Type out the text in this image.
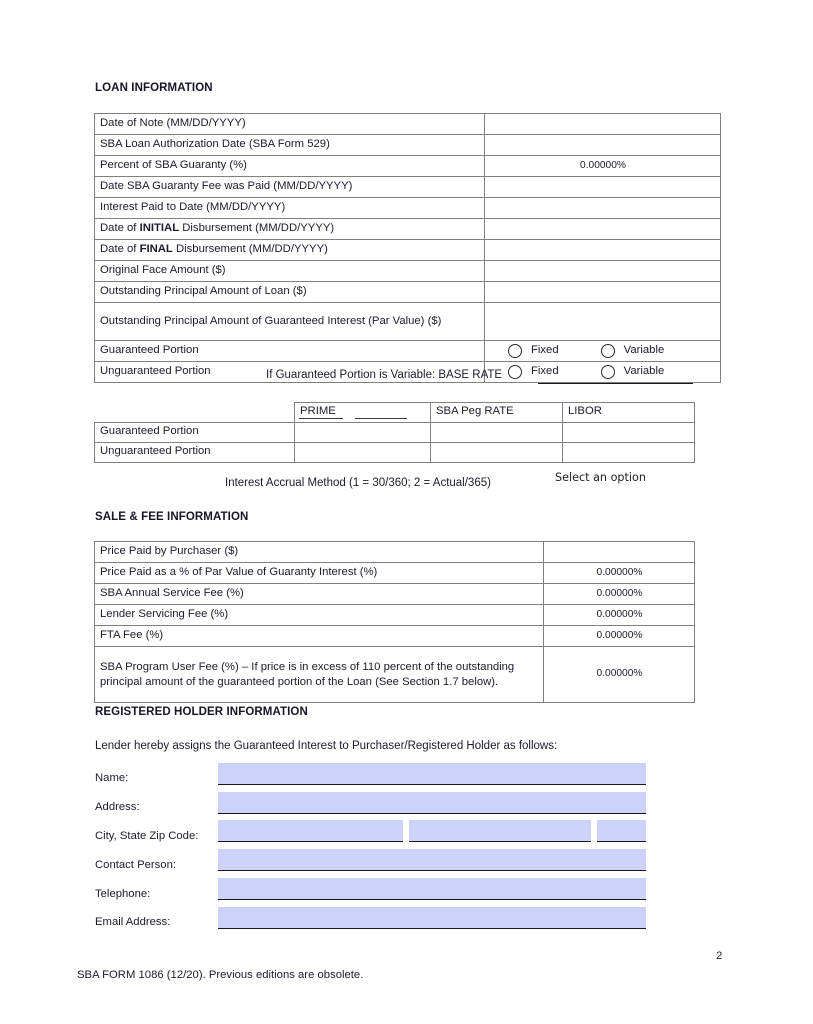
LOAN INFORMATION
Date of Note (MM/DD/YYYY)	
SBA Loan Authorization Date (SBA Form 529)	
Percent of SBA Guaranty (%)	0.00000%
Date SBA Guaranty Fee was Paid (MM/DD/YYYY)	
Interest Paid to Date (MM/DD/YYYY)	
Date of INITIAL Disbursement (MM/DD/YYYY)	
Date of FINAL Disbursement (MM/DD/YYYY)	
Original Face Amount ($)	
Outstanding Principal Amount of Loan ($)	
Outstanding Principal Amount of Guaranteed Interest (Par Value) ($)	
Guaranteed Portion	Fixed Variable

Unguaranteed Portion	Fixed Variable
If Guaranteed Portion is Variable: BASE RATE
	PRIME	SBA Peg RATE	LIBOR
Guaranteed Portion			
Unguaranteed Portion			
Interest Accrual Method (1 = 30/360; 2 = Actual/365)	Select an option
SALE & FEE INFORMATION
Price Paid by Purchaser ($)	
Price Paid as a % of Par Value of Guaranty Interest (%)	0.00000%
SBA Annual Service Fee (%)	0.00000%
Lender Servicing Fee (%)	0.00000%
FTA Fee (%)	0.00000%
SBA Program User Fee (%) – If price is in excess of 110 percent of the outstanding principal amount of the guaranteed portion of the Loan (See Section 1.7 below).	0.00000%
REGISTERED HOLDER INFORMATION
Lender hereby assigns the Guaranteed Interest to Purchaser/Registered Holder as follows:
Name:
Address:
City, State Zip Code:
Contact Person:
Telephone:
Email Address:
2
SBA FORM 1086 (12/20). Previous editions are obsolete.
